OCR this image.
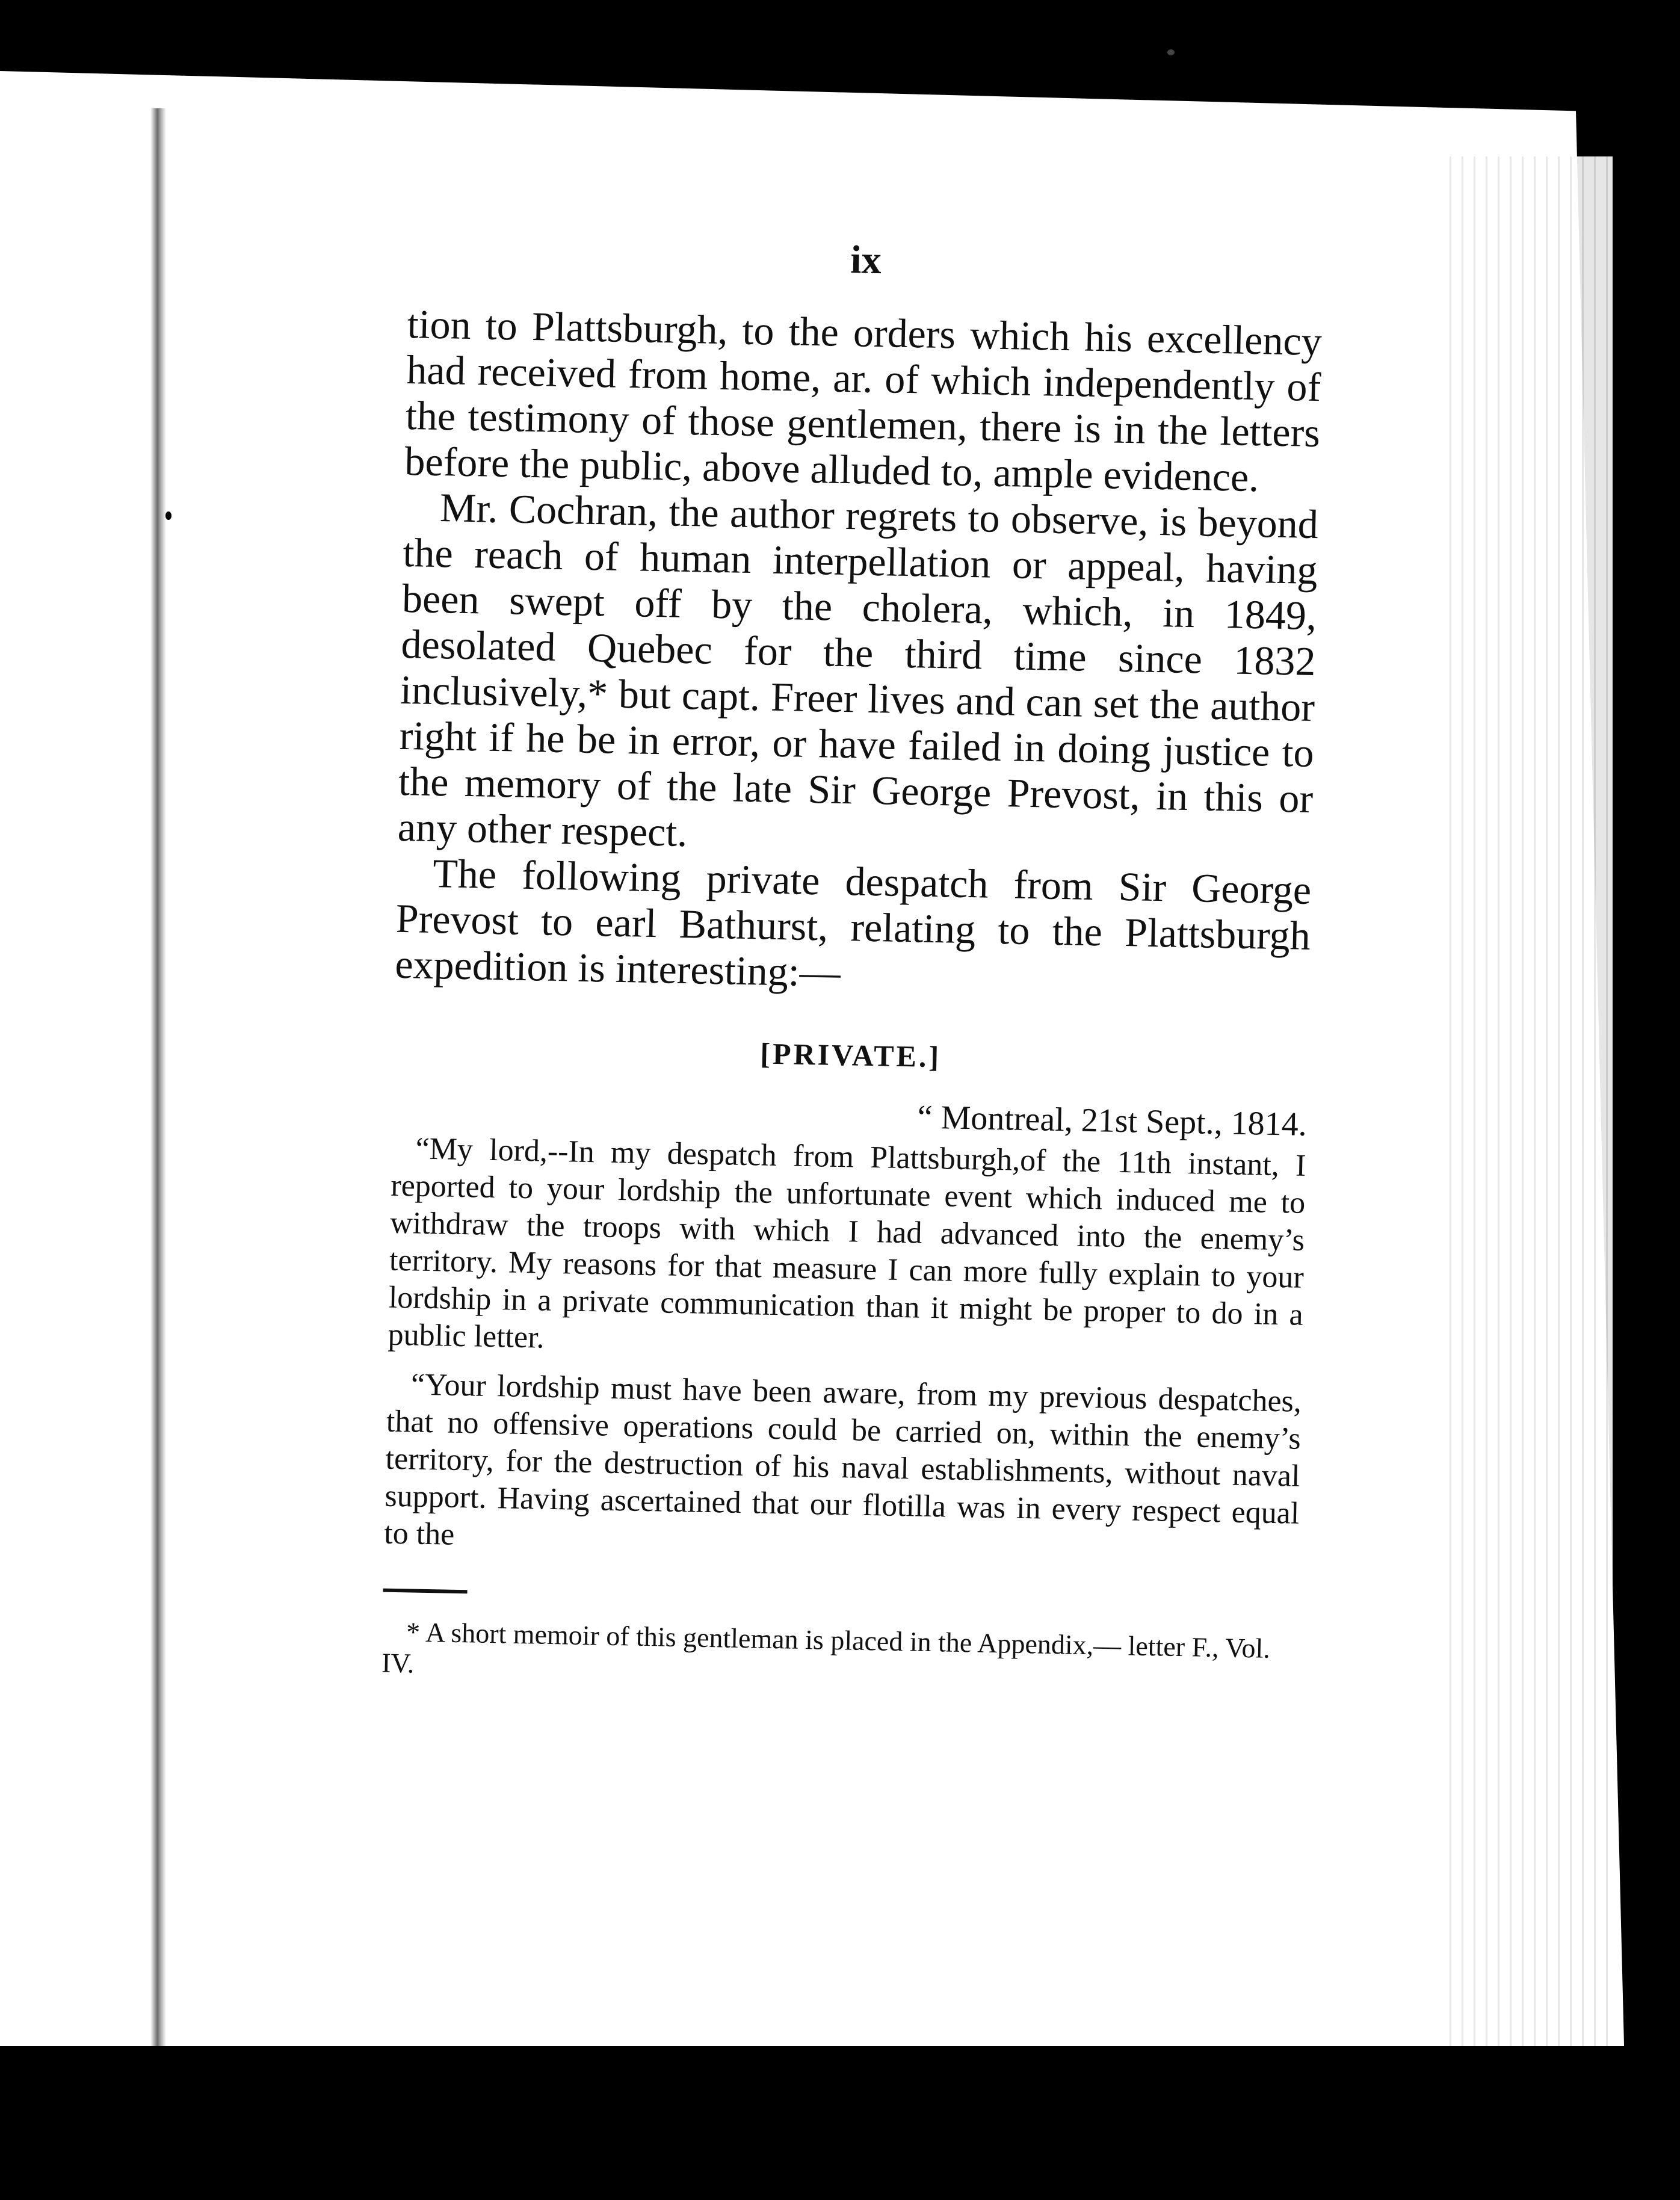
ix

tion to Plattsburgh, to the orders which his excellency had received from home, ar. of which independently of the testimony of those gentlemen, there is in the letters before the public, above alluded to, ample evidence.

Mr. Cochran, the author regrets to observe, is beyond the reach of human interpellation or appeal, having been swept off by the cholera, which, in 1849, desolated Quebec for the third time since 1832 inclusively,* but capt. Freer lives and can set the author right if he be in error, or have failed in doing justice to the memory of the late Sir George Prevost, in this or any other respect.

The following private despatch from Sir George Prevost to earl Bathurst, relating to the Plattsburgh expedition is interesting:—

[PRIVATE.]
“ Montreal, 21st Sept., 1814.

“My lord,--In my despatch from Plattsburgh,of the 11th instant, I reported to your lordship the unfortunate event which induced me to withdraw the troops with which I had advanced into the enemy’s territory. My reasons for that measure I can more fully explain to your lordship in a private communication than it might be proper to do in a public letter.

“Your lordship must have been aware, from my previous despatches, that no offensive operations could be carried on, within the enemy’s territory, for the destruction of his naval establishments, without naval support. Having ascertained that our flotilla was in every respect equal to the

* A short memoir of this gentleman is placed in the Appendix,— letter F., Vol. IV.
